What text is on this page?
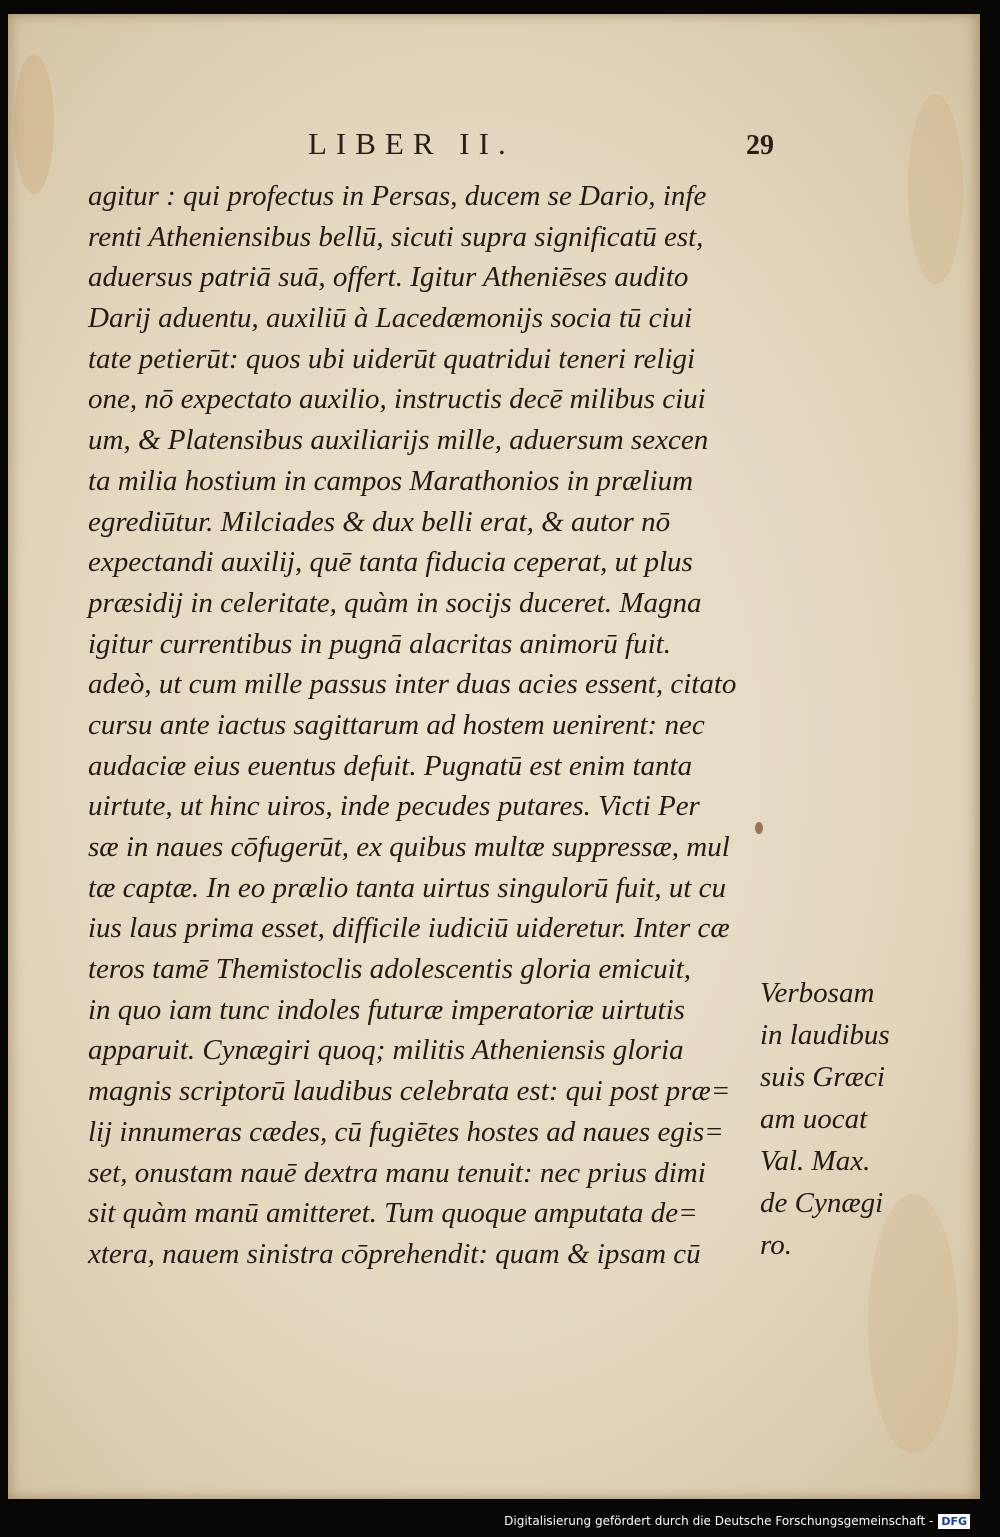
LIBER II.	29
agitur : qui profectus in Persas, ducem se Dario, infe
renti Atheniensibus bellū, sicuti supra significatū est,
aduersus patriā suā, offert. Igitur Atheniēses audito
Darij aduentu, auxiliū à Lacedæmonijs socia tū ciui
tate petierūt: quos ubi uiderūt quatridui teneri religi
one, nō expectato auxilio, instructis decē milibus ciui
um, & Platensibus auxiliarijs mille, aduersum sexcen
ta milia hostium in campos Marathonios in prælium
egrediūtur. Milciades & dux belli erat, & autor nō
expectandi auxilij, quē tanta fiducia ceperat, ut plus
præsidij in celeritate, quàm in socijs duceret. Magna
igitur currentibus in pugnā alacritas animorū fuit.
adeò, ut cum mille passus inter duas acies essent, citato
cursu ante iactus sagittarum ad hostem uenirent: nec
audaciæ eius euentus defuit. Pugnatū est enim tanta
uirtute, ut hinc uiros, inde pecudes putares. Victi Per
sæ in naues cōfugerūt, ex quibus multæ suppressæ, mul
tæ captæ. In eo prælio tanta uirtus singulorū fuit, ut cu
ius laus prima esset, difficile iudiciū uideretur. Inter cæ
teros tamē Themistoclis adolescentis gloria emicuit,
in quo iam tunc indoles futuræ imperatoriæ uirtutis
apparuit. Cynægiri quoq; militis Atheniensis gloria
magnis scriptorū laudibus celebrata est: qui post præ=
lij innumeras cædes, cū fugiētes hostes ad naues egis=
set, onustam nauē dextra manu tenuit: nec prius dimi
sit quàm manū amitteret. Tum quoque amputata de=
xtera, nauem sinistra cōprehendit: quam & ipsam cū
Verbosam
in laudibus
suis Græci
am uocat
Val. Max.
de Cynægi
ro.
Digitalisierung gefördert durch die Deutsche Forschungsgemeinschaft - DFG
